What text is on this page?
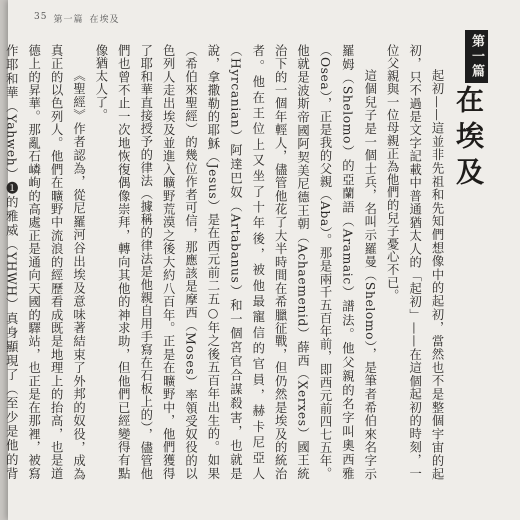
35 第一篇 在埃及
第一篇
在埃及

起初——這並非先祖和先知們想像中的起初，當然也不是整個宇宙的起初，只不過是文字記載中普通猶太人的「起初」——在這個起初的時刻，一位父親與一位母親正為他們的兒子憂心不已。

這個兒子是一個士兵，名叫示羅曼（Shelomo），是筆者希伯來名字示羅姆（Shelomo）的亞蘭語（Aramaic）譜法。他父親的名字叫奧西雅（Osea），正是我的父親（Aba）。那是兩千五百年前，即西元前四七五年。他就是波斯帝國阿契美尼德王朝（Achaemenid）薛西（Xerxes）國王統治下的一個年輕人，儘管他花了大半時間在希臘征戰，但仍然是埃及的統治者。他在王位上又坐了十年後，被他最寵信的官員，赫卡尼亞人（Hyrcanian）阿達巴奴（Artabanus）和一個宮官合謀殺害，也就是說，拿撒勒的耶穌（Jesus）是在西元前二五○年之後五百年出生的。如果（希伯來聖經）的幾位作者可信，那應該是摩西（Moses）率領受奴役的以色列人走出埃及並進入曠野荒漠之後大約八百年。正是在曠野中，他們獲得了耶和華直接授予的律法（據稱的律法是他親自用手寫在石板上的），儘管他們也曾不止一次地恢復偶像崇拜，轉向其他的神求助，但他們已經變得有點像猶太人了。

《聖經》作者認為，從尼羅河谷出埃及意味著結束了外邦的奴役，成為真正的以色列人。他們在曠野中流浪的經歷看成既是地理上的抬高，也是道德上的昇華。那亂石嶙峋的高處正是通向天國的驛站，也正是在那裡，被寫作耶和華（Yahweh）❶的雅威（YHWH）真身顯現了（至少是他的背
